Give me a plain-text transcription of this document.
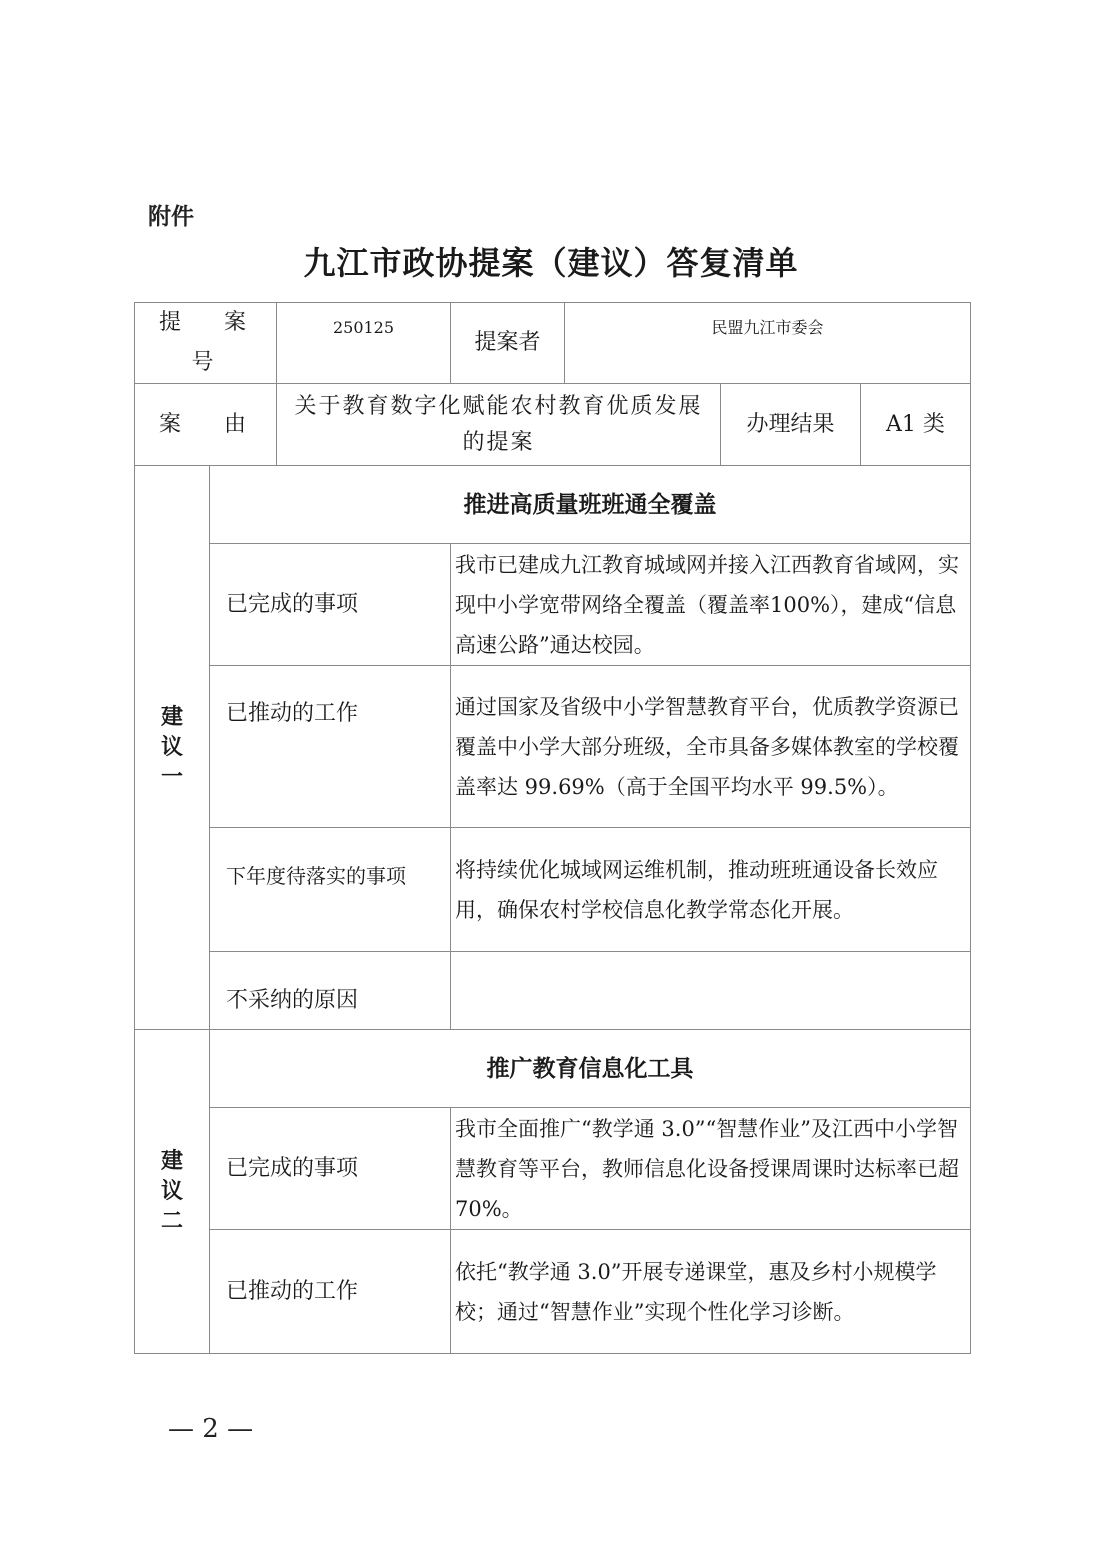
附件
九江市政协提案（建议）答复清单
提 案 号		250125	提案者	民盟九江市委会		
案 由		关于教育数字化赋能农村教育优质发展的提案			办理结果	A1 类

建
议
一	推进高质量班班通全覆盖					
	已完成的事项		我市已建成九江教育城域网并接入江西教育省域网，实现中小学宽带网络全覆盖（覆盖率100%），建成“信息高速公路”通达校园。			
	已推动的工作		通过国家及省级中小学智慧教育平台，优质教学资源已覆盖中小学大部分班级，全市具备多媒体教室的学校覆盖率达 99.69%（高于全国平均水平 99.5%）。			
	下年度待落实的事项		将持续优化城域网运维机制，推动班班通设备长效应用，确保农村学校信息化教学常态化开展。			
	不采纳的原因					

建
议
二	推广教育信息化工具					
	已完成的事项		我市全面推广“教学通 3.0”“智慧作业”及江西中小学智慧教育等平台，教师信息化设备授课周课时达标率已超 70%。			
	已推动的工作		依托“教学通 3.0”开展专递课堂，惠及乡村小规模学校；通过“智慧作业”实现个性化学习诊断。			
— 2 —
